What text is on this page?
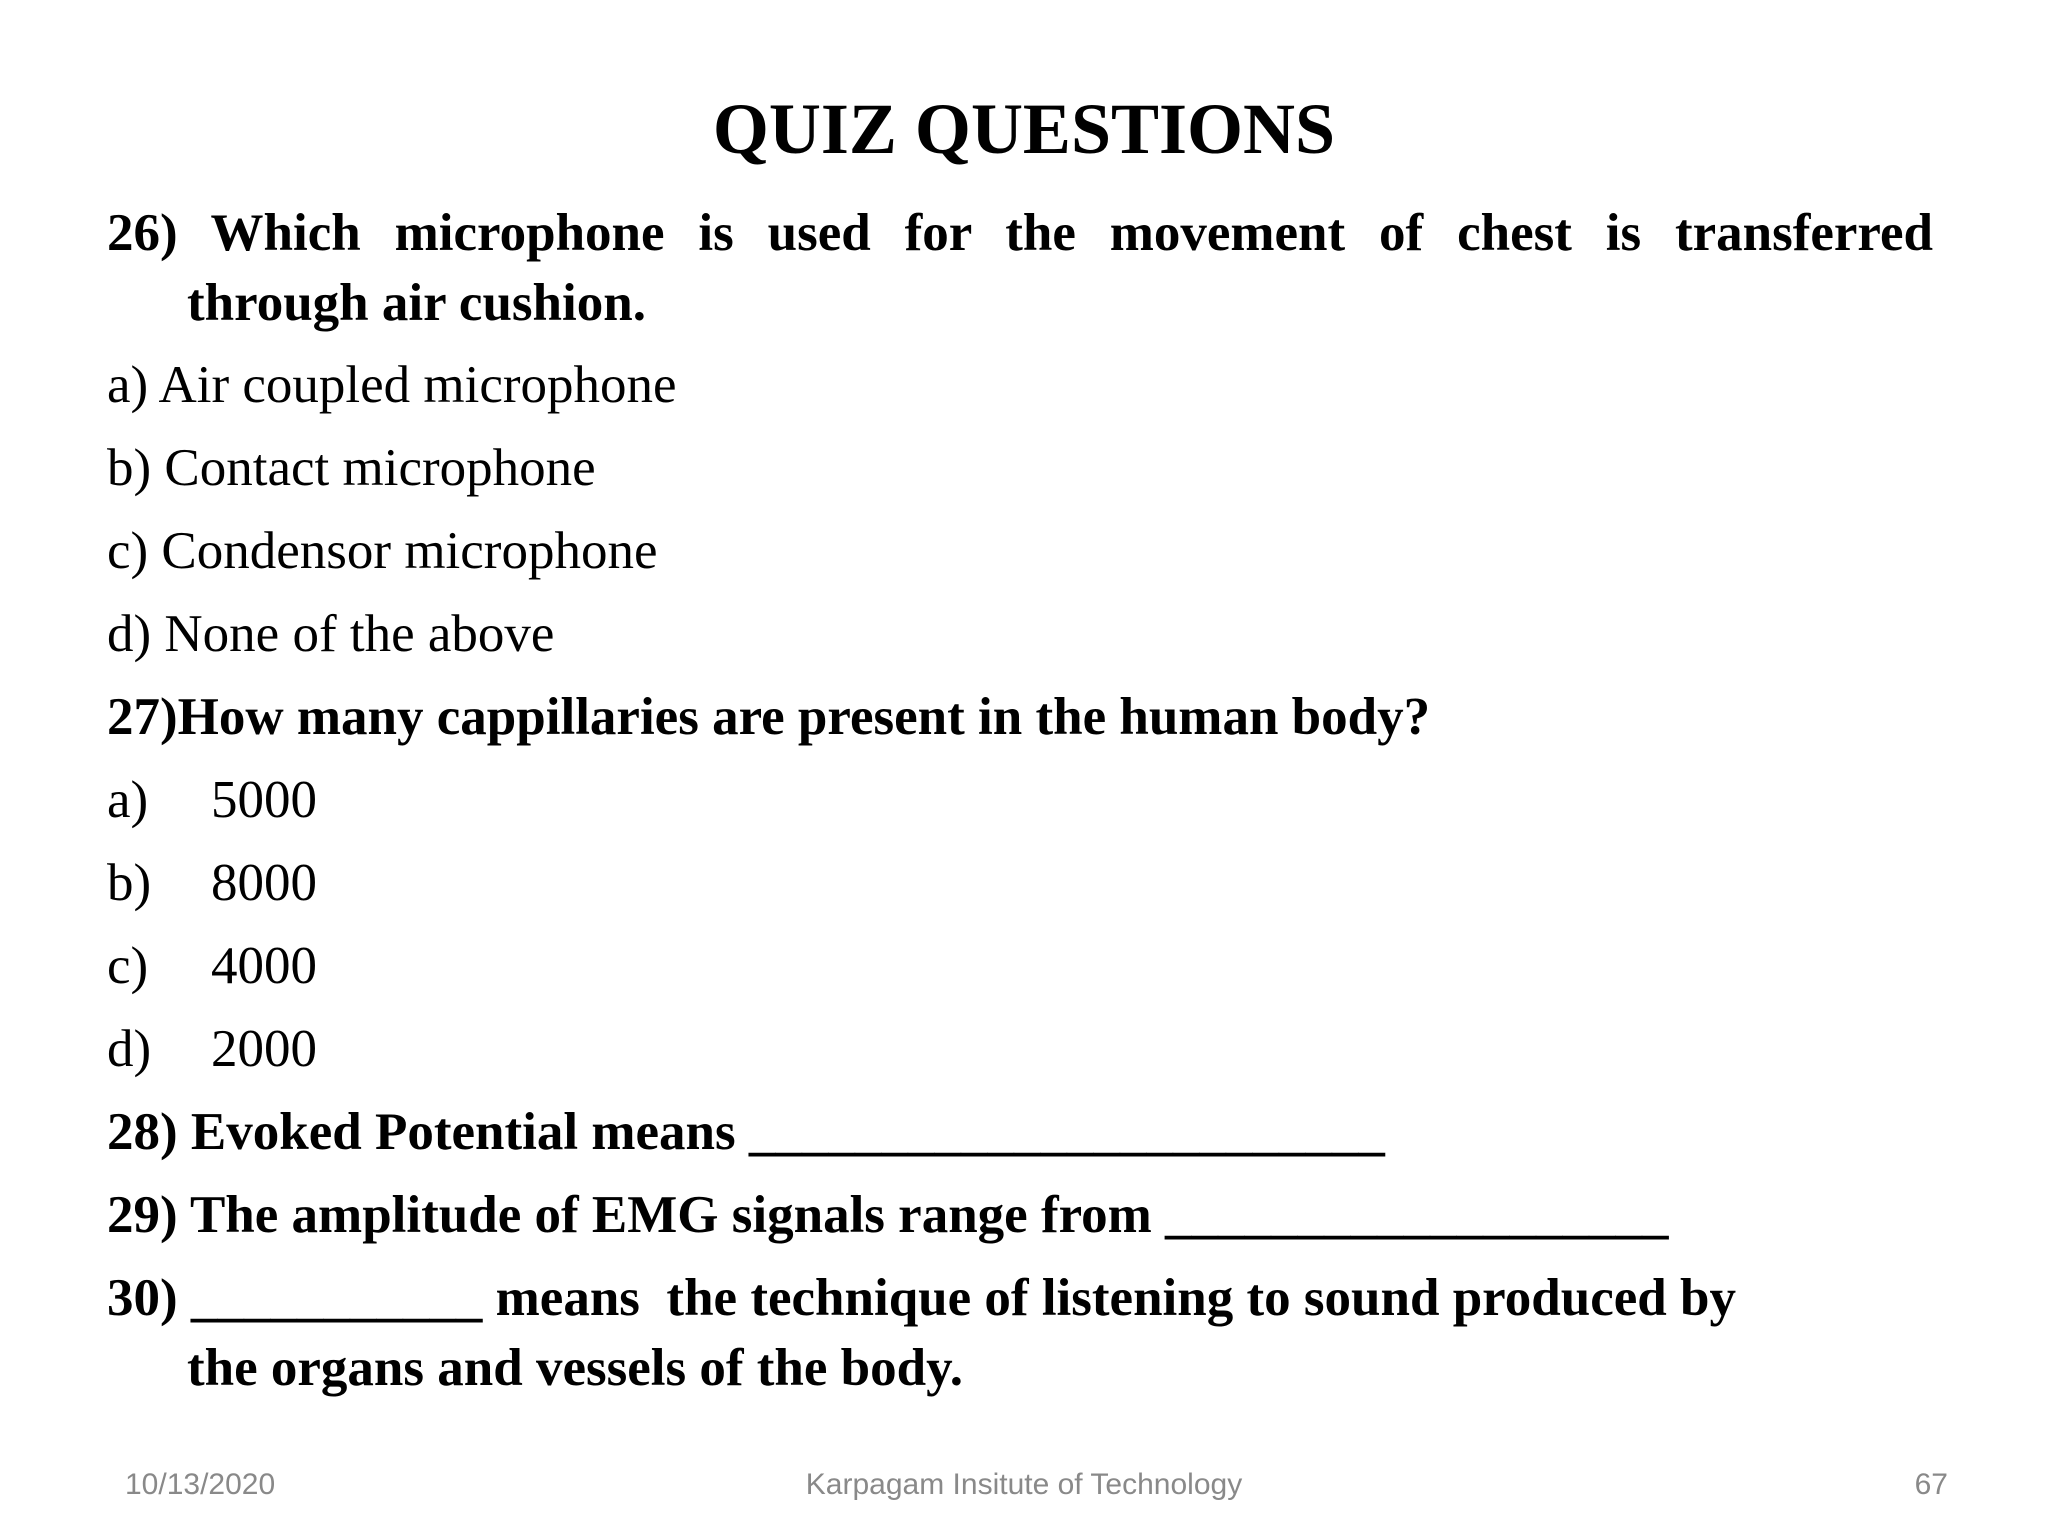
QUIZ QUESTIONS
26) Which microphone is used for the movement of chest is transferred
through air cushion.
a) Air coupled microphone
b) Contact microphone
c) Condensor microphone
d) None of the above
27)How many cappillaries are present in the human body?
a)	5000
b)	8000
c)	4000
d)	2000
28) Evoked Potential means ________________________
29) The amplitude of EMG signals range from ___________________
30) ___________ means  the technique of listening to sound produced by
the organs and vessels of the body.
10/13/2020	Karpagam Insitute of Technology	67
